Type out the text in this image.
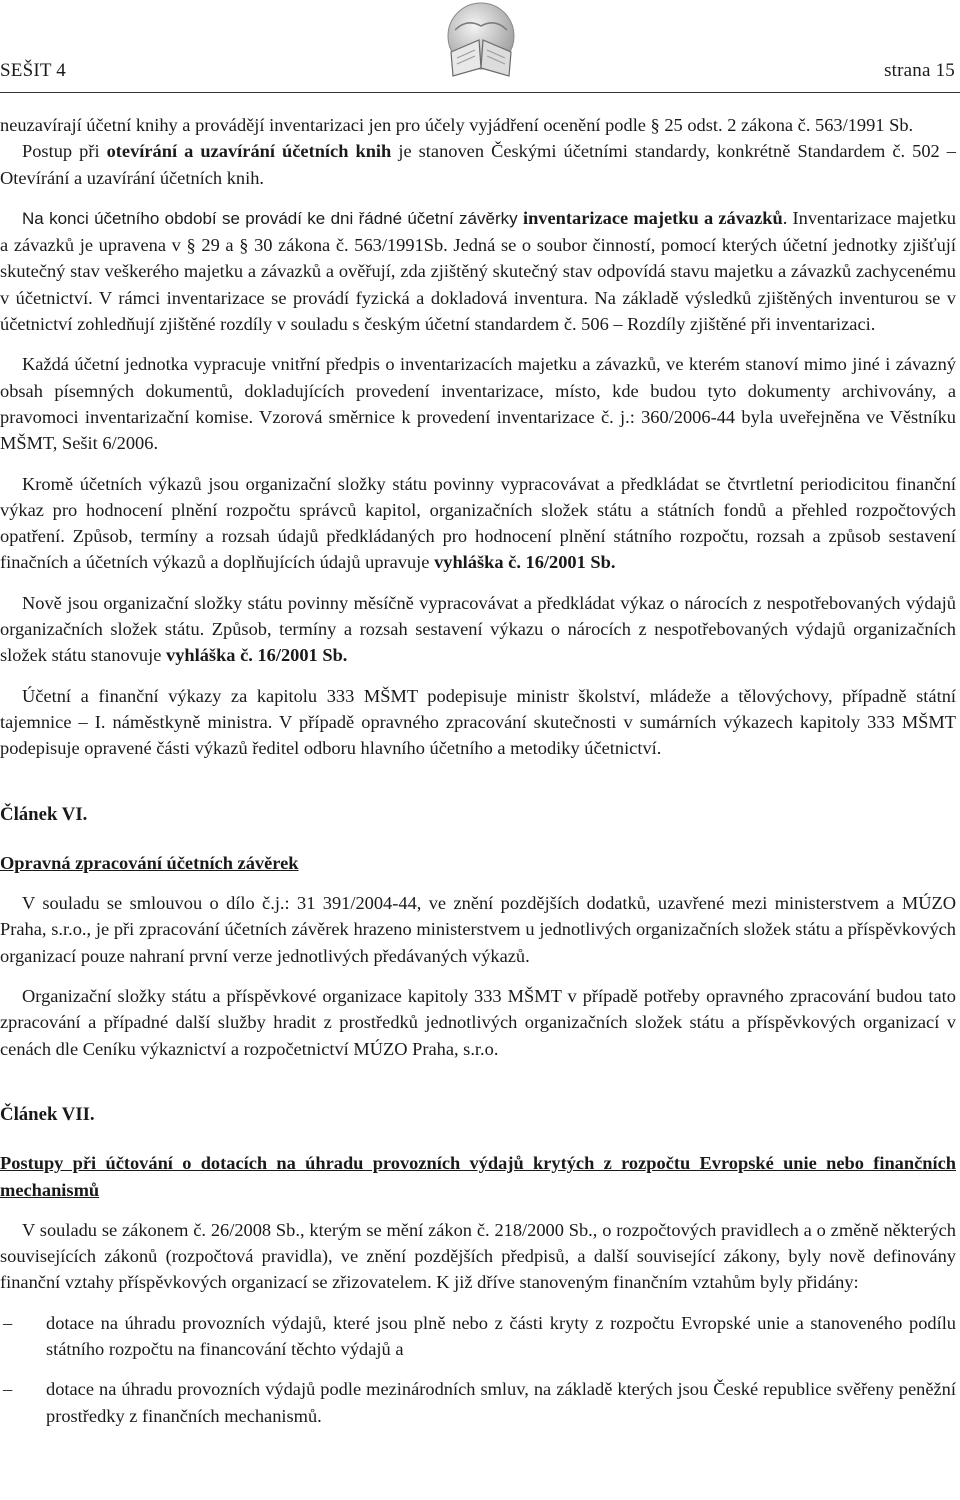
SEŠIT 4	strana 15

neuzavírají účetní knihy a provádějí inventarizaci jen pro účely vyjádření ocenění podle § 25 odst. 2 zákona č. 563/1991 Sb.

Postup při otevírání a uzavírání účetních knih je stanoven Českými účetními standardy, konkrétně Standardem č. 502 – Otevírání a uzavírání účetních knih.

Na konci účetního období se provádí ke dni řádné účetní závěrky inventarizace majetku a závazků. Inventarizace majetku a závazků je upravena v § 29 a § 30 zákona č. 563/1991Sb. Jedná se o soubor činností, pomocí kterých účetní jednotky zjišťují skutečný stav veškerého majetku a závazků a ověřují, zda zjištěný skutečný stav odpovídá stavu majetku a závazků zachycenému v účetnictví. V rámci inventarizace se provádí fyzická a dokladová inventura. Na základě výsledků zjištěných inventurou se v účetnictví zohledňují zjištěné rozdíly v souladu s českým účetní standardem č. 506 – Rozdíly zjištěné při inventarizaci.

Každá účetní jednotka vypracuje vnitřní předpis o inventarizacích majetku a závazků, ve kterém stanoví mimo jiné i závazný obsah písemných dokumentů, dokladujících provedení inventarizace, místo, kde budou tyto dokumenty archivovány, a pravomoci inventarizační komise. Vzorová směrnice k provedení inventarizace č. j.: 360/2006-44 byla uveřejněna ve Věstníku MŠMT, Sešit 6/2006.

Kromě účetních výkazů jsou organizační složky státu povinny vypracovávat a předkládat se čtvrtletní periodicitou finanční výkaz pro hodnocení plnění rozpočtu správců kapitol, organizačních složek státu a státních fondů a přehled rozpočtových opatření. Způsob, termíny a rozsah údajů předkládaných pro hodnocení plnění státního rozpočtu, rozsah a způsob sestavení finačních a účetních výkazů a doplňujících údajů upravuje vyhláška č. 16/2001 Sb.

Nově jsou organizační složky státu povinny měsíčně vypracovávat a předkládat výkaz o nárocích z nespotřebovaných výdajů organizačních složek státu. Způsob, termíny a rozsah sestavení výkazu o nárocích z nespotřebovaných výdajů organizačních složek státu stanovuje vyhláška č. 16/2001 Sb.

Účetní a finanční výkazy za kapitolu 333 MŠMT podepisuje ministr školství, mládeže a tělovýchovy, případně státní tajemnice – I. náměstkyně ministra. V případě opravného zpracování skutečnosti v sumárních výkazech kapitoly 333 MŠMT podepisuje opravené části výkazů ředitel odboru hlavního účetního a metodiky účetnictví.

Článek VI.

Opravná zpracování účetních závěrek

V souladu se smlouvou o dílo č.j.: 31 391/2004-44, ve znění pozdějších dodatků, uzavřené mezi ministerstvem a MÚZO Praha, s.r.o., je při zpracování účetních závěrek hrazeno ministerstvem u jednotlivých organizačních složek státu a příspěvkových organizací pouze nahraní první verze jednotlivých předávaných výkazů.

Organizační složky státu a příspěvkové organizace kapitoly 333 MŠMT v případě potřeby opravného zpracování budou tato zpracování a případné další služby hradit z prostředků jednotlivých organizačních složek státu a příspěvkových organizací v cenách dle Ceníku výkaznictví a rozpočetnictví MÚZO Praha, s.r.o.

Článek VII.

Postupy při účtování o dotacích na úhradu provozních výdajů krytých z rozpočtu Evropské unie nebo finančních mechanismů

V souladu se zákonem č. 26/2008 Sb., kterým se mění zákon č. 218/2000 Sb., o rozpočtových pravidlech a o změně některých souvisejících zákonů (rozpočtová pravidla), ve znění pozdějších předpisů, a další související zákony, byly nově definovány finanční vztahy příspěvkových organizací se zřizovatelem. K již dříve stanoveným finančním vztahům byly přidány:

– dotace na úhradu provozních výdajů, které jsou plně nebo z části kryty z rozpočtu Evropské unie a stanoveného podílu státního rozpočtu na financování těchto výdajů a
– dotace na úhradu provozních výdajů podle mezinárodních smluv, na základě kterých jsou České republice svěřeny peněžní prostředky z finančních mechanismů.
